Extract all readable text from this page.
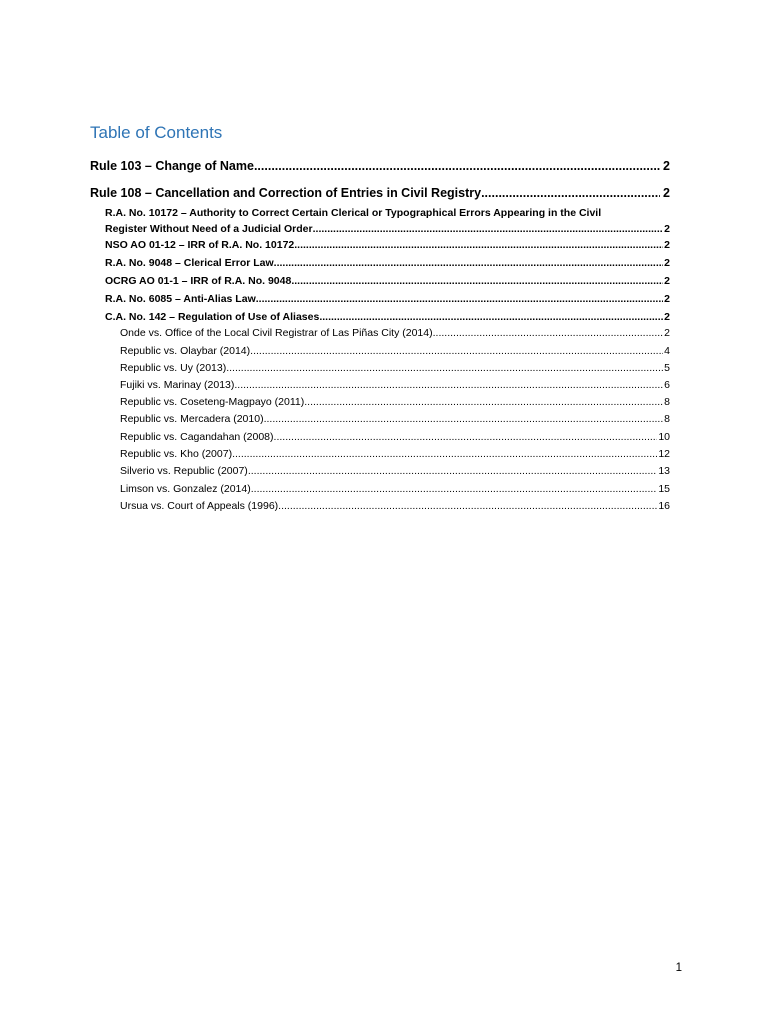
Table of Contents
Rule 103 – Change of Name .....	2
Rule 108 – Cancellation and Correction of Entries in Civil Registry .....	2
R.A. No. 10172 – Authority to Correct Certain Clerical or Typographical Errors Appearing in the Civil
Register Without Need of a Judicial Order .....	2
NSO AO 01-12 – IRR of R.A. No. 10172 .....	2
R.A. No. 9048 – Clerical Error Law .....	2
OCRG AO 01-1 – IRR of R.A. No. 9048 .....	2
R.A. No. 6085 – Anti-Alias Law .....	2
C.A. No. 142 – Regulation of Use of Aliases .....	2
Onde vs. Office of the Local Civil Registrar of Las Piñas City (2014) .....	2
Republic vs. Olaybar (2014) .....	4
Republic vs. Uy (2013) .....	5
Fujiki vs. Marinay (2013) .....	6
Republic vs. Coseteng-Magpayo (2011) .....	8
Republic vs. Mercadera (2010) .....	8
Republic vs. Cagandahan (2008) .....	10
Republic vs. Kho (2007) .....	12
Silverio vs. Republic (2007) .....	13
Limson vs. Gonzalez (2014) .....	15
Ursua vs. Court of Appeals (1996) .....	16
1
